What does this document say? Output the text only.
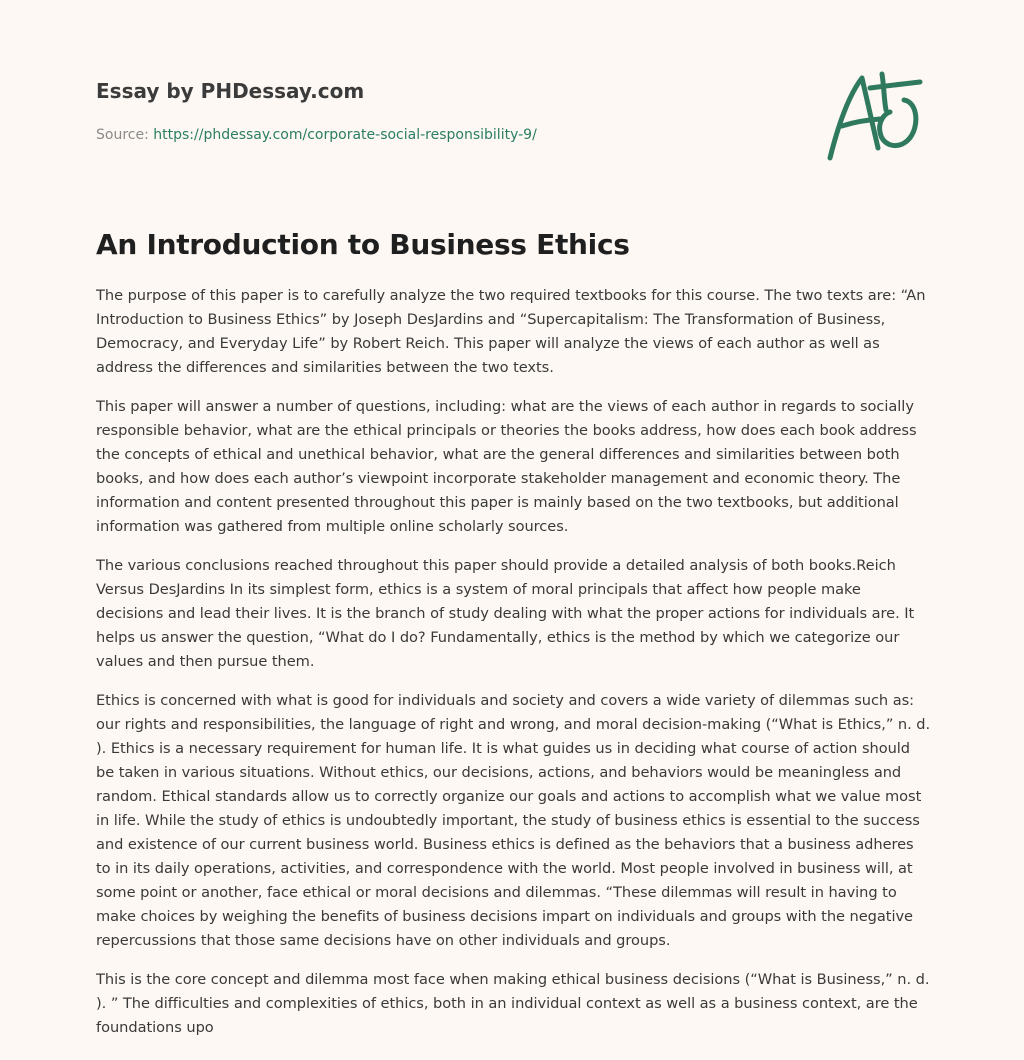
Essay by PHDessay.com
Source: https://phdessay.com/corporate-social-responsibility-9/
An Introduction to Business Ethics

The purpose of this paper is to carefully analyze the two required textbooks for this course. The two texts are: “An Introduction to Business Ethics” by Joseph DesJardins and “Supercapitalism: The Transformation of Business, Democracy, and Everyday Life” by Robert Reich. This paper will analyze the views of each author as well as address the differences and similarities between the two texts.

This paper will answer a number of questions, including: what are the views of each author in regards to socially responsible behavior, what are the ethical principals or theories the books address, how does each book address the concepts of ethical and unethical behavior, what are the general differences and similarities between both books, and how does each author’s viewpoint incorporate stakeholder management and economic theory. The information and content presented throughout this paper is mainly based on the two textbooks, but additional information was gathered from multiple online scholarly sources.

The various conclusions reached throughout this paper should provide a detailed analysis of both books.Reich Versus DesJardins In its simplest form, ethics is a system of moral principals that affect how people make decisions and lead their lives. It is the branch of study dealing with what the proper actions for individuals are. It helps us answer the question, “What do I do? Fundamentally, ethics is the method by which we categorize our values and then pursue them.

Ethics is concerned with what is good for individuals and society and covers a wide variety of dilemmas such as: our rights and responsibilities, the language of right and wrong, and moral decision-making (“What is Ethics,” n. d. ). Ethics is a necessary requirement for human life. It is what guides us in deciding what course of action should be taken in various situations. Without ethics, our decisions, actions, and behaviors would be meaningless and random. Ethical standards allow us to correctly organize our goals and actions to accomplish what we value most in life. While the study of ethics is undoubtedly important, the study of business ethics is essential to the success and existence of our current business world. Business ethics is defined as the behaviors that a business adheres to in its daily operations, activities, and correspondence with the world. Most people involved in business will, at some point or another, face ethical or moral decisions and dilemmas. “These dilemmas will result in having to make choices by weighing the benefits of business decisions impart on individuals and groups with the negative repercussions that those same decisions have on other individuals and groups.

This is the core concept and dilemma most face when making ethical business decisions (“What is Business,” n. d. ). ” The difficulties and complexities of ethics, both in an individual context as well as a business context, are the foundations upo
